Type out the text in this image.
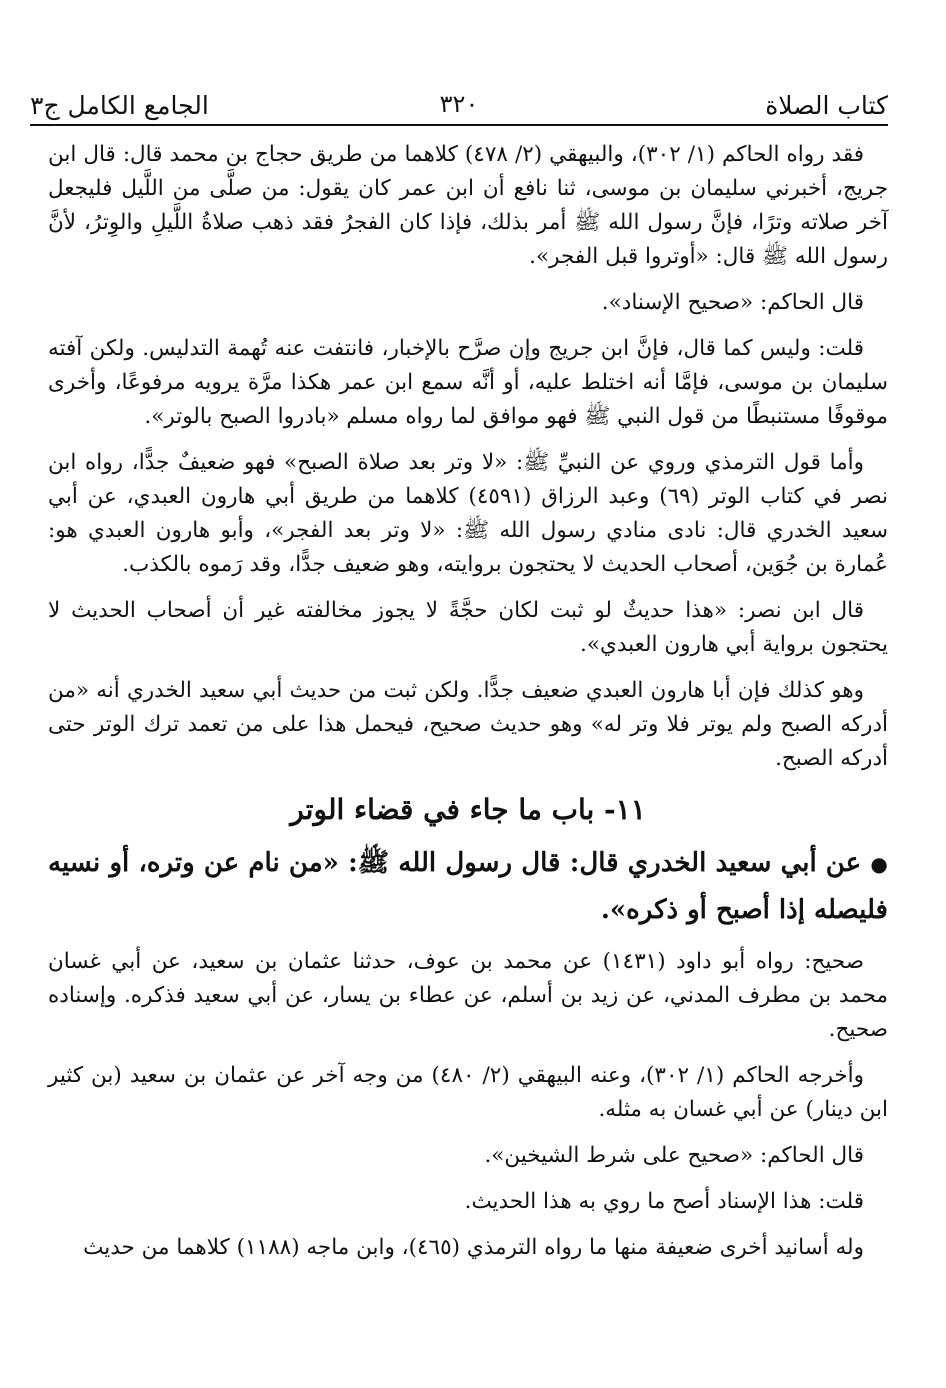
كتاب الصلاة
٣٢٠
الجامع الكامل ج٣

فقد رواه الحاكم (١/ ٣٠٢)، والبيهقي (٢/ ٤٧٨) كلاهما من طريق حجاج بن محمد قال: قال ابن جريج، أخبرني سليمان بن موسى، ثنا نافع أن ابن عمر كان يقول: من صلَّى من اللَّيل فليجعل آخر صلاته وترًا، فإنَّ رسول الله ﷺ أمر بذلك، فإذا كان الفجرُ فقد ذهب صلاةُ اللَّيلِ والوِترُ، لأنَّ رسول الله ﷺ قال: «أوتروا قبل الفجر».

قال الحاكم: «صحيح الإسناد».

قلت: وليس كما قال، فإنَّ ابن جريج وإن صرَّح بالإخبار، فانتفت عنه تُهمة التدليس. ولكن آفته سليمان بن موسى، فإمَّا أنه اختلط عليه، أو أنَّه سمع ابن عمر هكذا مرَّة يرويه مرفوعًا، وأخرى موقوفًا مستنبطًا من قول النبي ﷺ فهو موافق لما رواه مسلم «بادروا الصبح بالوتر».

وأما قول الترمذي وروي عن النبيِّ ﷺ: «لا وتر بعد صلاة الصبح» فهو ضعيفٌ جدًّا، رواه ابن نصر في كتاب الوتر (٦٩) وعبد الرزاق (٤٥٩١) كلاهما من طريق أبي هارون العبدي، عن أبي سعيد الخدري قال: نادى منادي رسول الله ﷺ: «لا وتر بعد الفجر»، وأبو هارون العبدي هو: عُمارة بن جُوَين، أصحاب الحديث لا يحتجون بروايته، وهو ضعيف جدًّا، وقد رَموه بالكذب.

قال ابن نصر: «هذا حديثٌ لو ثبت لكان حجَّةً لا يجوز مخالفته غير أن أصحاب الحديث لا يحتجون برواية أبي هارون العبدي».

وهو كذلك فإن أبا هارون العبدي ضعيف جدًّا. ولكن ثبت من حديث أبي سعيد الخدري أنه «من أدركه الصبح ولم يوتر فلا وتر له» وهو حديث صحيح، فيحمل هذا على من تعمد ترك الوتر حتى أدركه الصبح.

١١- باب ما جاء في قضاء الوتر

● عن أبي سعيد الخدري قال: قال رسول الله ﷺ: «من نام عن وتره، أو نسيه فليصله إذا أصبح أو ذكره».

صحيح: رواه أبو داود (١٤٣١) عن محمد بن عوف، حدثنا عثمان بن سعيد، عن أبي غسان محمد بن مطرف المدني، عن زيد بن أسلم، عن عطاء بن يسار، عن أبي سعيد فذكره. وإسناده صحيح.

وأخرجه الحاكم (١/ ٣٠٢)، وعنه البيهقي (٢/ ٤٨٠) من وجه آخر عن عثمان بن سعيد (بن كثير ابن دينار) عن أبي غسان به مثله.

قال الحاكم: «صحيح على شرط الشيخين».

قلت: هذا الإسناد أصح ما روي به هذا الحديث.

وله أسانيد أخرى ضعيفة منها ما رواه الترمذي (٤٦٥)، وابن ماجه (١١٨٨) كلاهما من حديث
